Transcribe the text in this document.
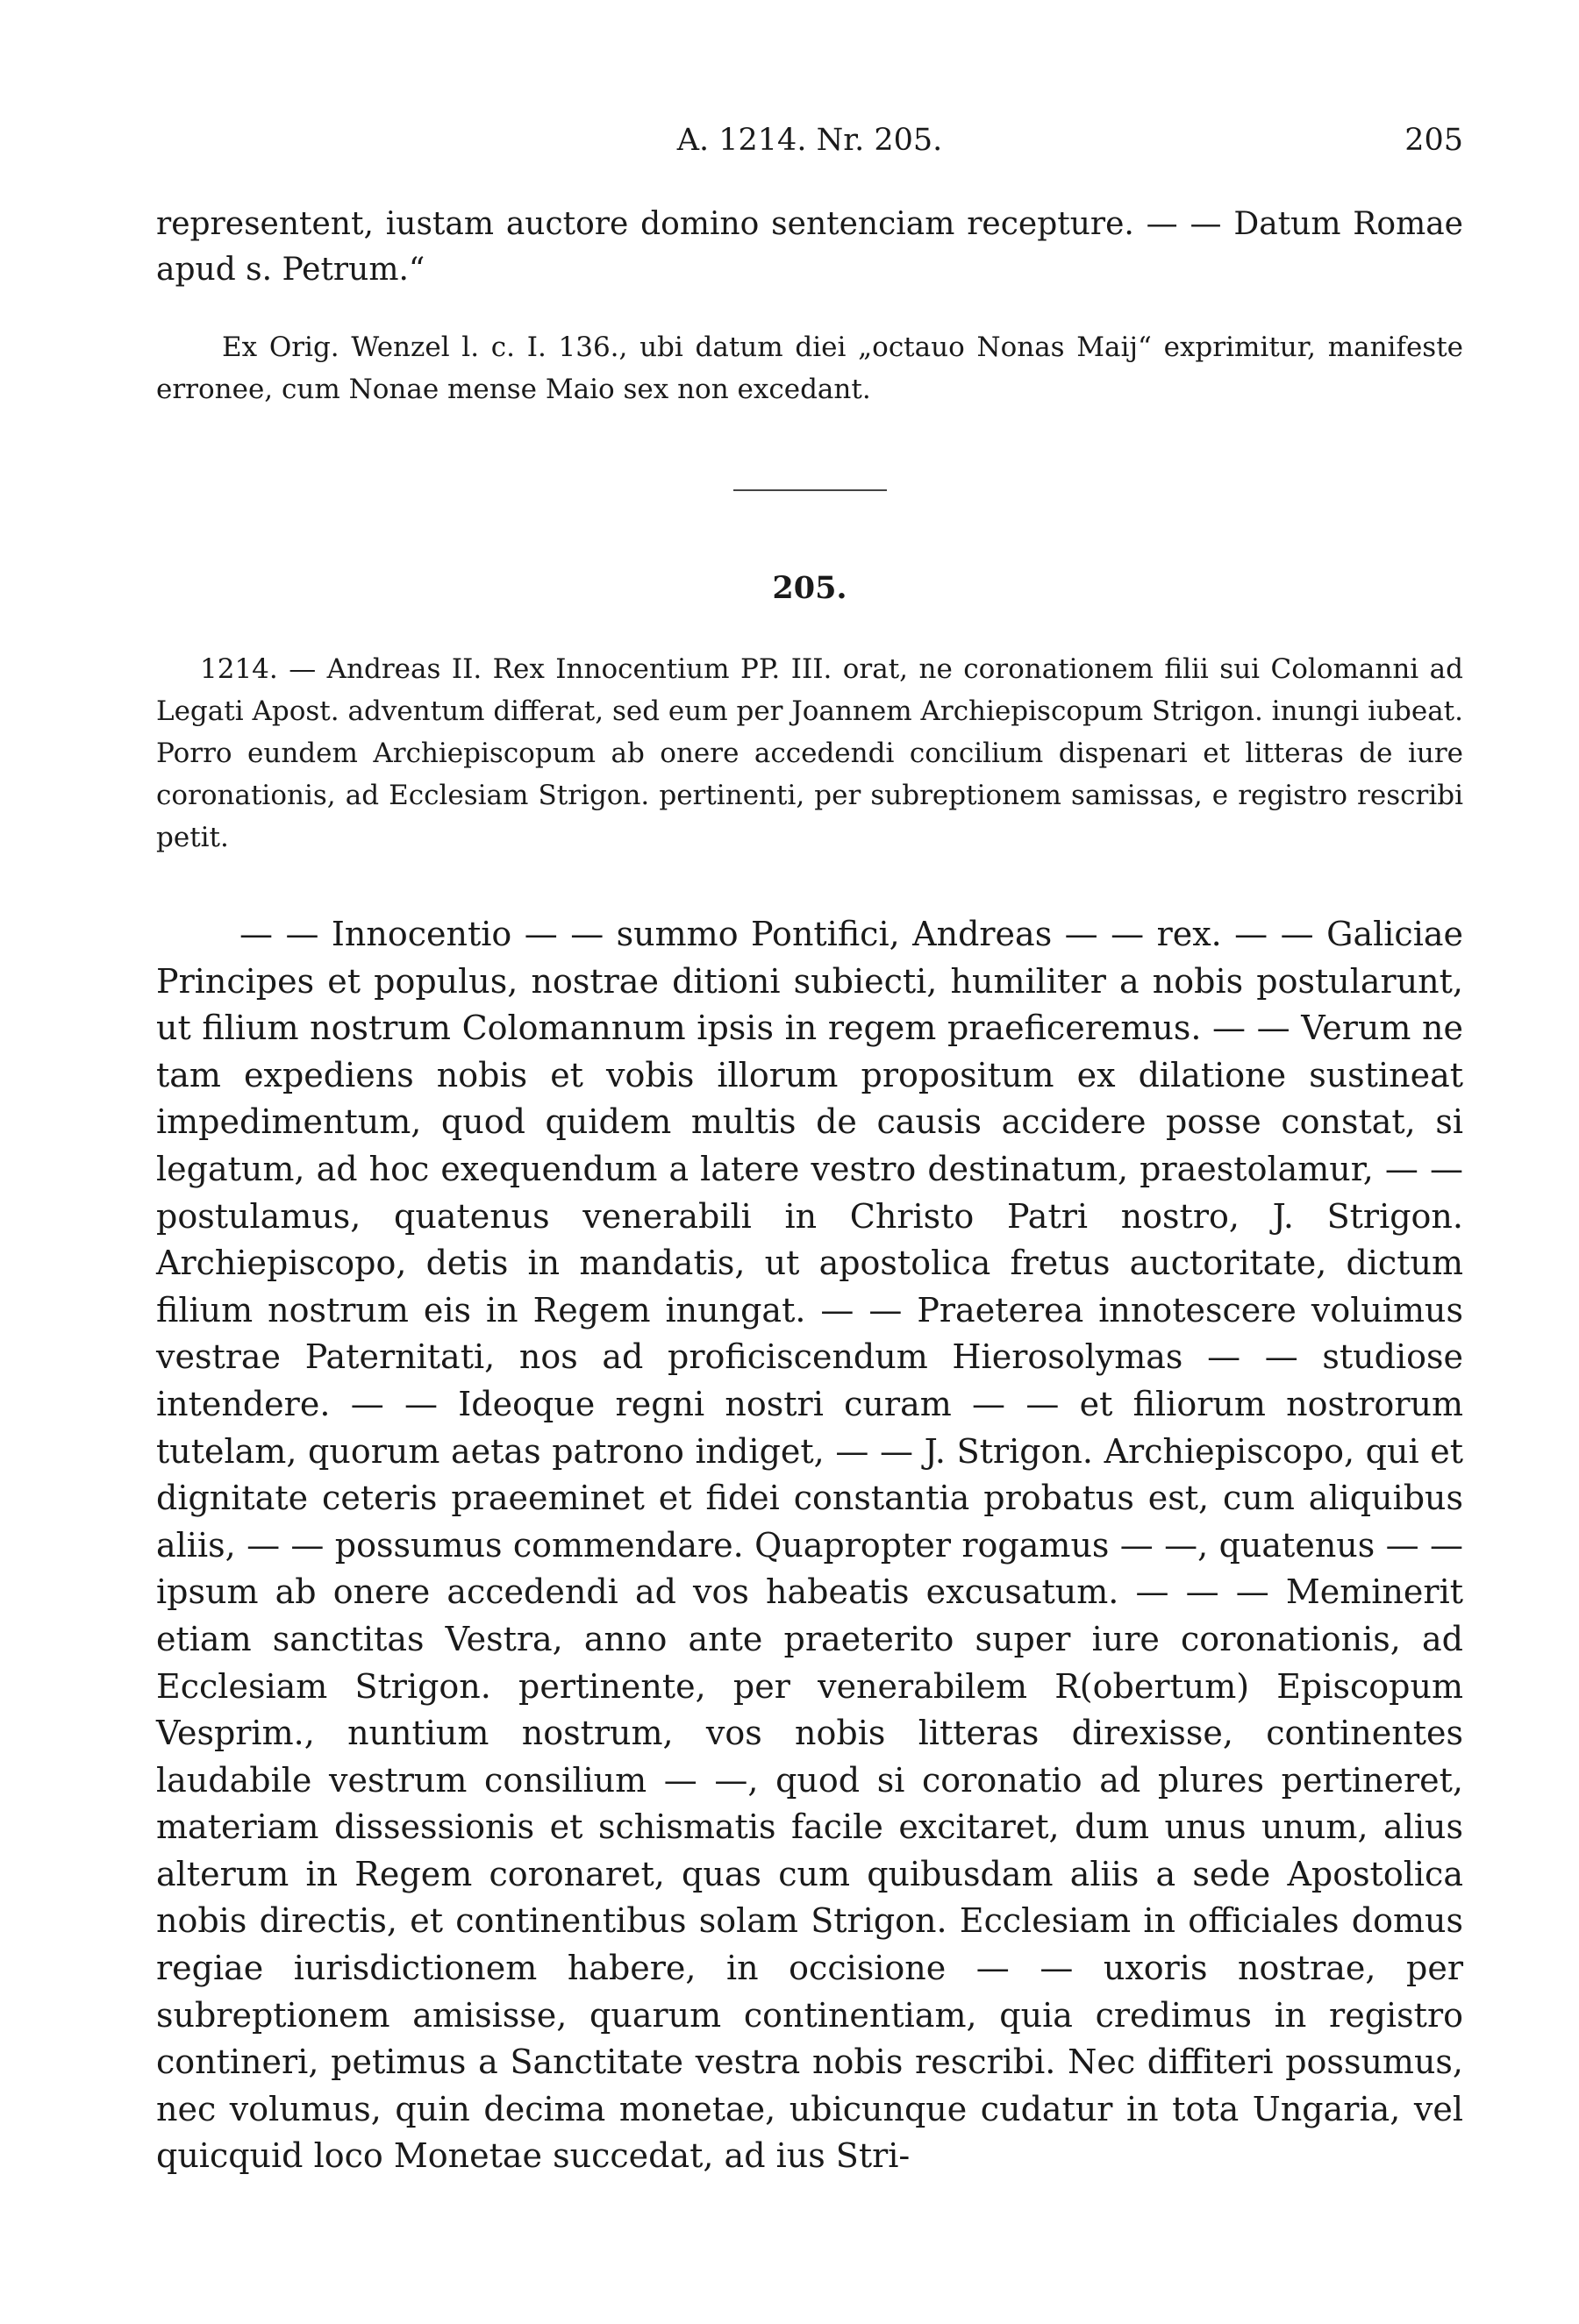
A. 1214. Nr. 205.	205

representent, iustam auctore domino sentenciam recepture. — — Datum Romae apud s. Petrum.“

Ex Orig. Wenzel l. c. I. 136., ubi datum diei „octauo Nonas Maij“ exprimitur, manifeste erronee, cum Nonae mense Maio sex non excedant.

205.

1214. — Andreas II. Rex Innocentium PP. III. orat, ne coronationem filii sui Colomanni ad Legati Apost. adventum differat, sed eum per Joannem Archiepiscopum Strigon. inungi iubeat. Porro eundem Archiepiscopum ab onere accedendi concilium dispenari et litteras de iure coronationis, ad Ecclesiam Strigon. pertinenti, per subreptionem samissas, e registro rescribi petit.

— — Innocentio — — summo Pontifici, Andreas — — rex. — — Galiciae Principes et populus, nostrae ditioni subiecti, humiliter a nobis postularunt, ut filium nostrum Colomannum ipsis in regem praeficeremus. — — Verum ne tam expediens nobis et vobis illorum propositum ex dilatione sustineat impedimentum, quod quidem multis de causis accidere posse constat, si legatum, ad hoc exequendum a latere vestro destinatum, praestolamur, — — postulamus, quatenus venerabili in Christo Patri nostro, J. Strigon. Archiepiscopo, detis in mandatis, ut apostolica fretus auctoritate, dictum filium nostrum eis in Regem inungat. — — Praeterea innotescere voluimus vestrae Paternitati, nos ad proficiscendum Hierosolymas — — studiose intendere. — — Ideoque regni nostri curam — — et filiorum nostrorum tutelam, quorum aetas patrono indiget, — — J. Strigon. Archiepiscopo, qui et dignitate ceteris praeeminet et fidei constantia probatus est, cum aliquibus aliis, — — possumus commendare. Quapropter rogamus — —, quatenus — — ipsum ab onere accedendi ad vos habeatis excusatum. — — — Meminerit etiam sanctitas Vestra, anno ante praeterito super iure coronationis, ad Ecclesiam Strigon. pertinente, per venerabilem R(obertum) Episcopum Vesprim., nuntium nostrum, vos nobis litteras direxisse, continentes laudabile vestrum consilium — —, quod si coronatio ad plures pertineret, materiam dissessionis et schismatis facile excitaret, dum unus unum, alius alterum in Regem coronaret, quas cum quibusdam aliis a sede Apostolica nobis directis, et continentibus solam Strigon. Ecclesiam in officiales domus regiae iurisdictionem habere, in occisione — — uxoris nostrae, per subreptionem amisisse, quarum continentiam, quia credimus in registro contineri, petimus a Sanctitate vestra nobis rescribi. Nec diffiteri possumus, nec volumus, quin decima monetae, ubicunque cudatur in tota Ungaria, vel quicquid loco Monetae succedat, ad ius Stri-
